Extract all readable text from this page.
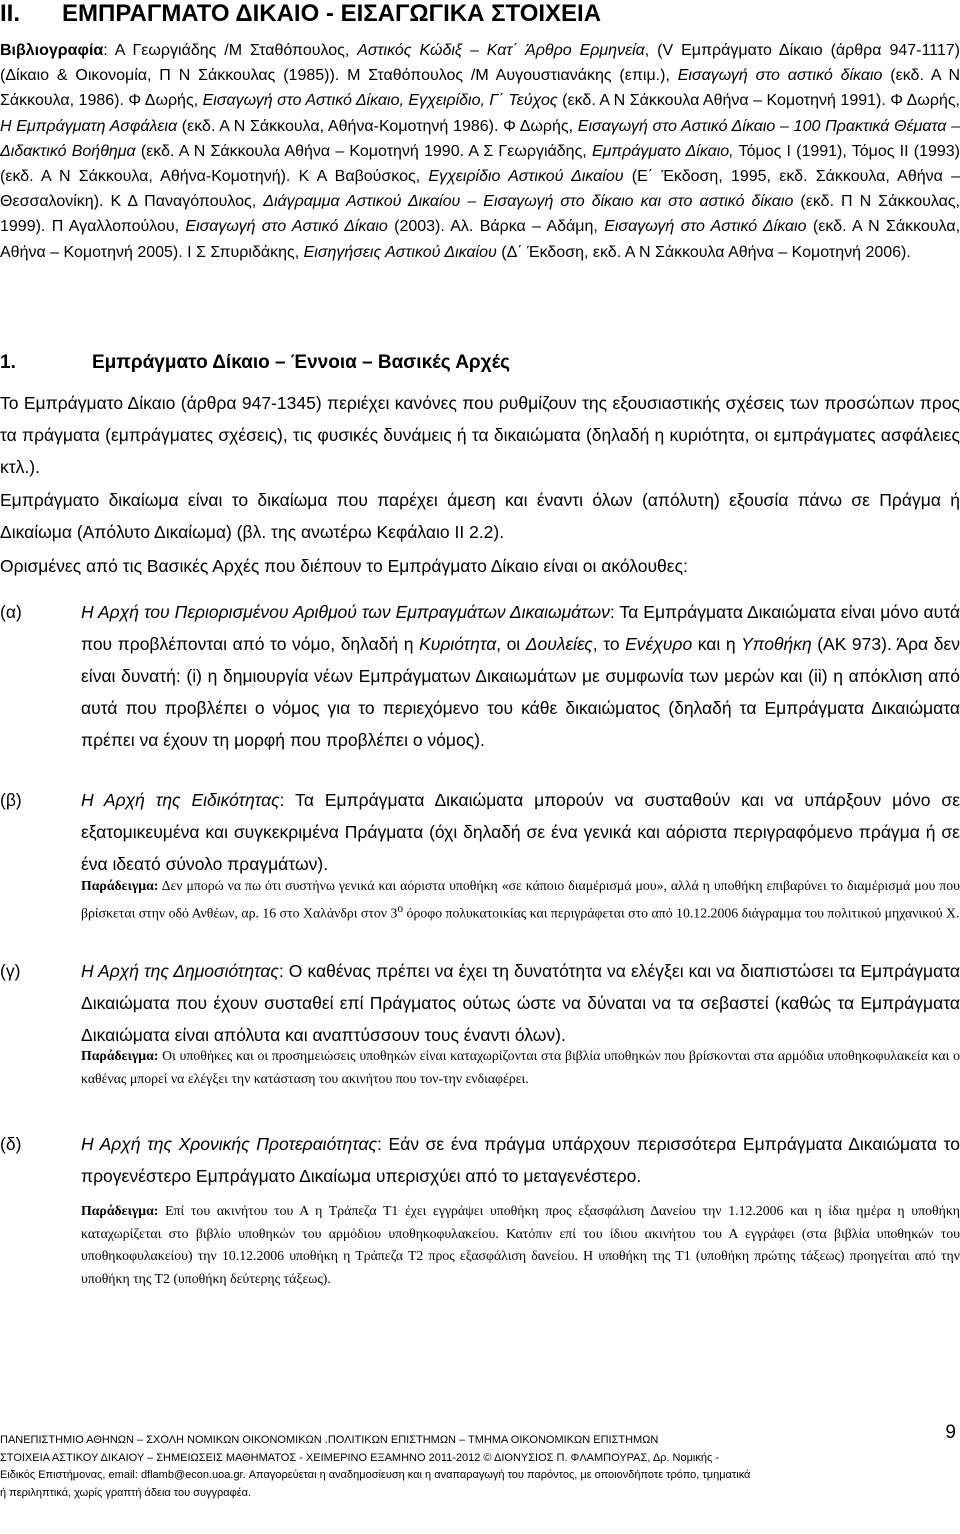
II. ΕΜΠΡΑΓΜΑΤΟ ΔΙΚΑΙΟ - ΕΙΣΑΓΩΓΙΚΑ ΣΤΟΙΧΕΙΑ

Βιβλιογραφία: Α Γεωργιάδης /Μ Σταθόπουλος, Αστικός Κώδιξ – Κατ΄ Άρθρο Ερμηνεία, (V Εμπράγματο Δίκαιο (άρθρα 947-1117) (Δίκαιο & Οικονομία, Π Ν Σάκκουλας (1985)). Μ Σταθόπουλος /Μ Αυγουστιανάκης (επιμ.), Εισαγωγή στο αστικό δίκαιο (εκδ. Α Ν Σάκκουλα, 1986). Φ Δωρής, Εισαγωγή στο Αστικό Δίκαιο, Εγχειρίδιο, Γ΄ Τεύχος (εκδ. Α Ν Σάκκουλα Αθήνα – Κομοτηνή 1991). Φ Δωρής, Η Εμπράγματη Ασφάλεια (εκδ. Α Ν Σάκκουλα, Αθήνα-Κομοτηνή 1986). Φ Δωρής, Εισαγωγή στο Αστικό Δίκαιο – 100 Πρακτικά Θέματα – Διδακτικό Βοήθημα (εκδ. Α Ν Σάκκουλα Αθήνα – Κομοτηνή 1990. Α Σ Γεωργιάδης, Εμπράγματο Δίκαιο, Τόμος Ι (1991), Τόμος ΙΙ (1993) (εκδ. Α Ν Σάκκουλα, Αθήνα-Κομοτηνή). Κ Α Βαβούσκος, Εγχειρίδιο Αστικού Δικαίου (Ε΄ Έκδοση, 1995, εκδ. Σάκκουλα, Αθήνα – Θεσσαλονίκη). Κ Δ Παναγόπουλος, Διάγραμμα Αστικού Δικαίου – Εισαγωγή στο δίκαιο και στο αστικό δίκαιο (εκδ. Π Ν Σάκκουλας, 1999). Π Αγαλλοπούλου, Εισαγωγή στο Αστικό Δίκαιο (2003). Αλ. Βάρκα – Αδάμη, Εισαγωγή στο Αστικό Δίκαιο (εκδ. Α Ν Σάκκουλα, Αθήνα – Κομοτηνή 2005). Ι Σ Σπυριδάκης, Εισηγήσεις Αστικού Δικαίου (Δ΄ Έκδοση, εκδ. Α Ν Σάκκουλα Αθήνα – Κομοτηνή 2006).

1.	Εμπράγματο Δίκαιο – Έννοια – Βασικές Αρχές

Το Εμπράγματο Δίκαιο (άρθρα 947-1345) περιέχει κανόνες που ρυθμίζουν της εξουσιαστικής σχέσεις των προσώπων προς τα πράγματα (εμπράγματες σχέσεις), τις φυσικές δυνάμεις ή τα δικαιώματα (δηλαδή η κυριότητα, οι εμπράγματες ασφάλειες κτλ.).

Εμπράγματο δικαίωμα είναι το δικαίωμα που παρέχει άμεση και έναντι όλων (απόλυτη) εξουσία πάνω σε Πράγμα ή Δικαίωμα (Απόλυτο Δικαίωμα) (βλ. της ανωτέρω Κεφάλαιο ΙΙ 2.2).

Ορισμένες από τις Βασικές Αρχές που διέπουν το Εμπράγματο Δίκαιο είναι οι ακόλουθες:

(α)	Η Αρχή του Περιορισμένου Αριθμού των Εμπραγμάτων Δικαιωμάτων: Τα Εμπράγματα Δικαιώματα είναι μόνο αυτά που προβλέπονται από το νόμο, δηλαδή η Κυριότητα, οι Δουλείες, το Ενέχυρο και η Υποθήκη (ΑΚ 973). Άρα δεν είναι δυνατή: (i) η δημιουργία νέων Εμπράγματων Δικαιωμάτων με συμφωνία των μερών και (ii) η απόκλιση από αυτά που προβλέπει ο νόμος για το περιεχόμενο του κάθε δικαιώματος (δηλαδή τα Εμπράγματα Δικαιώματα πρέπει να έχουν τη μορφή που προβλέπει ο νόμος).

(β)	Η Αρχή της Ειδικότητας: Τα Εμπράγματα Δικαιώματα μπορούν να συσταθούν και να υπάρξουν μόνο σε εξατομικευμένα και συγκεκριμένα Πράγματα (όχι δηλαδή σε ένα γενικά και αόριστα περιγραφόμενο πράγμα ή σε ένα ιδεατό σύνολο πραγμάτων).

Παράδειγμα: Δεν μπορώ να πω ότι συστήνω γενικά και αόριστα υποθήκη «σε κάποιο διαμέρισμά μου», αλλά η υποθήκη επιβαρύνει το διαμέρισμά μου που βρίσκεται στην οδό Ανθέων, αρ. 16 στο Χαλάνδρι στον $3^o$ όροφο πολυκατοικίας και περιγράφεται στο από 10.12.2006 διάγραμμα του πολιτικού μηχανικού Χ.

(γ)	Η Αρχή της Δημοσιότητας: Ο καθένας πρέπει να έχει τη δυνατότητα να ελέγξει και να διαπιστώσει τα Εμπράγματα Δικαιώματα που έχουν συσταθεί επί Πράγματος ούτως ώστε να δύναται να τα σεβαστεί (καθώς τα Εμπράγματα Δικαιώματα είναι απόλυτα και αναπτύσσουν τους έναντι όλων).

Παράδειγμα: Οι υποθήκες και οι προσημειώσεις υποθηκών είναι καταχωρίζονται στα βιβλία υποθηκών που βρίσκονται στα αρμόδια υποθηκοφυλακεία και ο καθένας μπορεί να ελέγξει την κατάσταση του ακινήτου που τον-την ενδιαφέρει.

(δ)	Η Αρχή της Χρονικής Προτεραιότητας: Εάν σε ένα πράγμα υπάρχουν περισσότερα Εμπράγματα Δικαιώματα το προγενέστερο Εμπράγματο Δικαίωμα υπερισχύει από το μεταγενέστερο.

Παράδειγμα: Επί του ακινήτου του Α η Τράπεζα Τ1 έχει εγγράψει υποθήκη προς εξασφάλιση Δανείου την 1.12.2006 και η ίδια ημέρα η υποθήκη καταχωρίζεται στο βιβλίο υποθηκών του αρμόδιου υποθηκοφυλακείου. Κατόπιν επί του ίδιου ακινήτου του Α εγγράφει (στα βιβλία υποθηκών του υποθηκοφυλακείου) την 10.12.2006 υποθήκη η Τράπεζα Τ2 προς εξασφάλιση δανείου. Η υποθήκη της Τ1 (υποθήκη πρώτης τάξεως) προηγείται από την υποθήκη της Τ2 (υποθήκη δεύτερης τάξεως).

ΠΑΝΕΠΙΣΤΗΜΙΟ ΑΘΗΝΩΝ – ΣΧΟΛΗ ΝΟΜΙΚΩΝ ΟΙΚΟΝΟΜΙΚΩΝ .ΠΟΛΙΤΙΚΩΝ ΕΠΙΣΤΗΜΩΝ – ΤΜΗΜΑ ΟΙΚΟΝΟΜΙΚΩΝ ΕΠΙΣΤΗΜΩΝ
ΣΤΟΙΧΕΙΑ ΑΣΤΙΚΟΥ ΔΙΚΑΙΟΥ – ΣΗΜΕΙΩΣΕΙΣ ΜΑΘΗΜΑΤΟΣ - ΧΕΙΜΕΡΙΝΟ ΕΞΑΜΗΝΟ 2011-2012 © ΔΙΟΝΥΣΙΟΣ Π. ΦΛΑΜΠΟΥΡΑΣ, Δρ. Νομικής -
Ειδικός Επιστήμονας, email: dflamb@econ.uoa.gr. Απαγορεύεται η αναδημοσίευση και η αναπαραγωγή του παρόντος, με οποιονδήποτε τρόπο, τμηματικά
ή περιληπτικά, χωρίς γραπτή άδεια του συγγραφέα.
9
